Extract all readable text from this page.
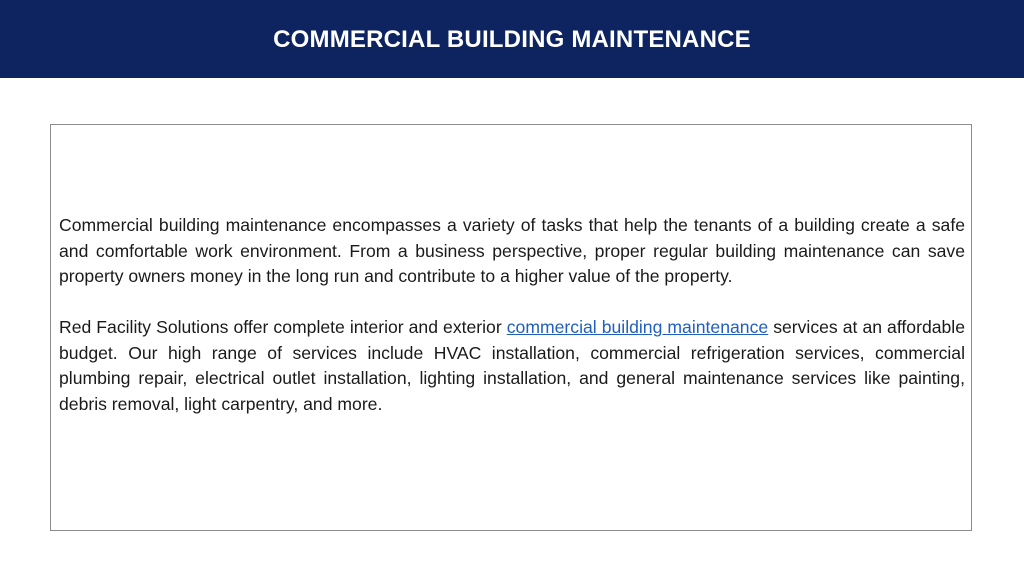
COMMERCIAL BUILDING MAINTENANCE

Commercial building maintenance encompasses a variety of tasks that help the tenants of a building create a safe and comfortable work environment. From a business perspective, proper regular building maintenance can save property owners money in the long run and contribute to a higher value of the property.

Red Facility Solutions offer complete interior and exterior commercial building maintenance services at an affordable budget. Our high range of services include HVAC installation, commercial refrigeration services, commercial plumbing repair, electrical outlet installation, lighting installation, and general maintenance services like painting, debris removal, light carpentry, and more.
